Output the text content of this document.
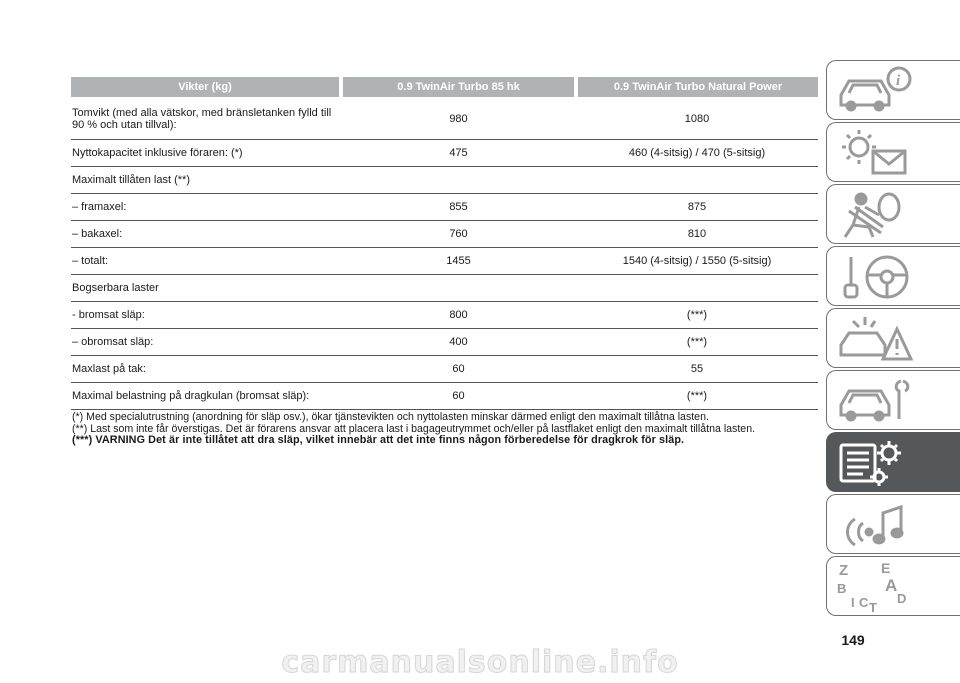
Vikter (kg)	0.9 TwinAir Turbo 85 hk	0.9 TwinAir Turbo Natural Power
Tomvikt (med alla vätskor, med bränsletanken fylld till 90 % och utan tillval):	980	1080
Nyttokapacitet inklusive föraren: (*)	475	460 (4-sitsig) / 470 (5-sitsig)
Maximalt tillåten last (**)		
– framaxel:	855	875
– bakaxel:	760	810
– totalt:	1455	1540 (4-sitsig) / 1550 (5-sitsig)
Bogserbara laster		
- bromsat släp:	800	(***)
– obromsat släp:	400	(***)
Maxlast på tak:	60	55
Maximal belastning på dragkulan (bromsat släp):	60	(***)

(*) Med specialutrustning (anordning för släp osv.), ökar tjänstevikten och nyttolasten minskar därmed enligt den maximalt tillåtna lasten.

(**) Last som inte får överstigas. Det är förarens ansvar att placera last i bagageutrymmet och/eller på lastflaket enligt den maximalt tillåtna lasten.

(***) VARNING Det är inte tillåtet att dra släp, vilket innebär att det inte finns någon förberedelse för dragkrok för släp.

i
Z E
B A
I C T
D
149
carmanualsonline.info
